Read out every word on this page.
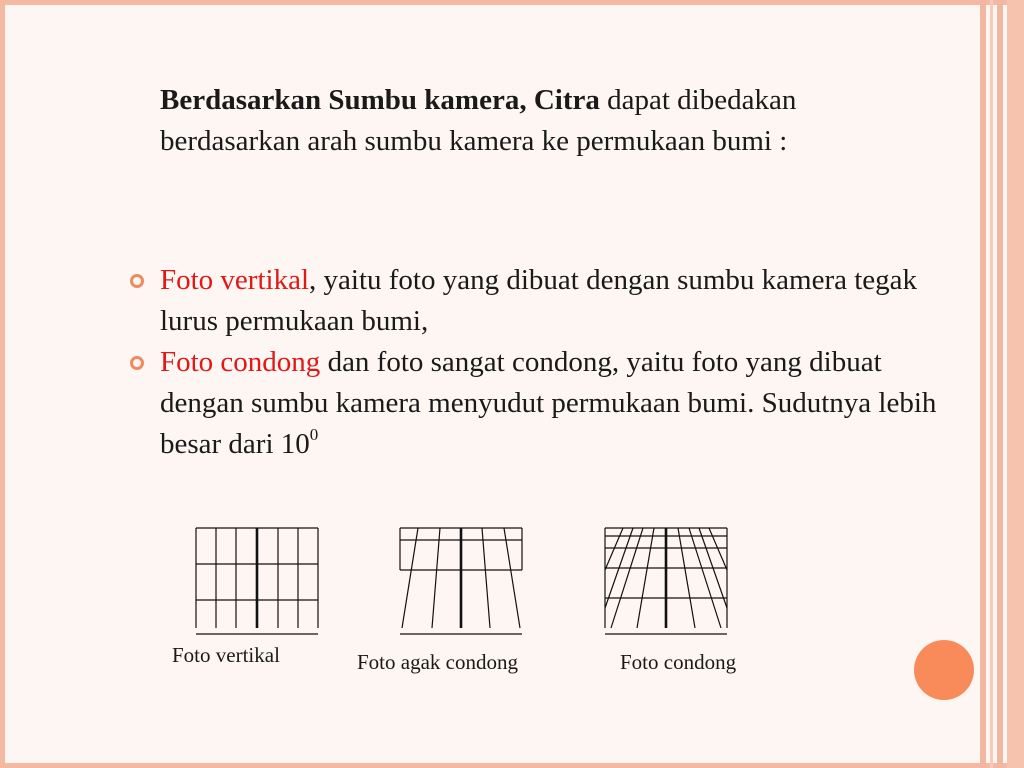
Berdasarkan Sumbu kamera, Citra dapat dibedakan berdasarkan arah sumbu kamera ke permukaan bumi :

Foto vertikal, yaitu foto yang dibuat dengan sumbu kamera tegak lurus permukaan bumi,
Foto condong dan foto sangat condong, yaitu foto yang dibuat dengan sumbu kamera menyudut permukaan bumi. Sudutnya lebih besar dari $10^0$
Foto vertikal	Foto agak condong	Foto condong
